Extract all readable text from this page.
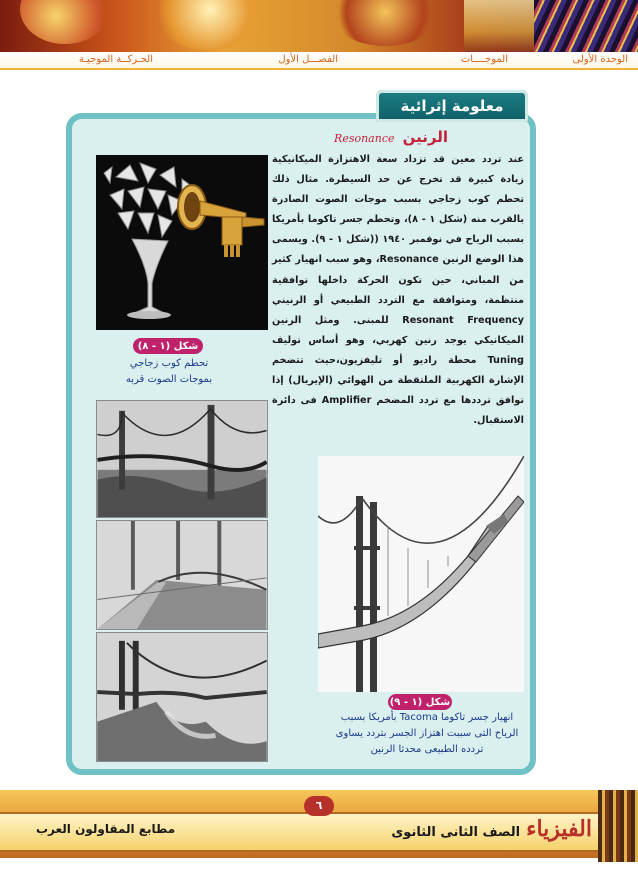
الوحدة الأولى
الموجــــات
الفصـــل الأول
الحـركــة الموجيـة
معلومة إثرائية
الرنين Resonance

عند تردد معين قد تزداد سعة الاهتزازة الميكانيكية زيادة كبيرة قد تخرج عن حد السيطرة. مثال ذلك تحطم كوب زجاجي بسبب موجات الصوت الصادرة بالقرب منه (شكل ١ - ٨)، وتحطم جسر تاكوما بأمريكا بسبب الرياح في نوفمبر ١٩٤٠ ((شكل ١ - ٩). ويسمى هذا الوضع الرنين Resonance، وهو سبب انهيار كثير من المباني، حين تكون الحركة داخلها توافقية منتظمة، ومتوافقة مع التردد الطبيعي أو الرنيني Resonant Frequency للمبنى. ومثل الرنين الميكانيكي يوجد رنين كهربي، وهو أساس توليف Tuning محطة راديو أو تليفزيون،حيث تتضخم الإشارة الكهربية الملتقطة من الهوائي (الإيريال) إذا توافق ترددها مع تردد المضخم Amplifier فى دائرة الاستقبال.

شكل (١ - ٨)
تحطم كوب زجاجي
بموجات الصوت قربه
شكل (١ - ٩)
انهيار جسر تاكوما Tacoma بأمريكا بسبب
الرياح التى سببت اهتزاز الجسر بتردد يساوى
تردده الطبيعى محدثا الرنين
٦
الفيزياء
الصف الثانى الثانوى
مطابع المقاولون العرب
